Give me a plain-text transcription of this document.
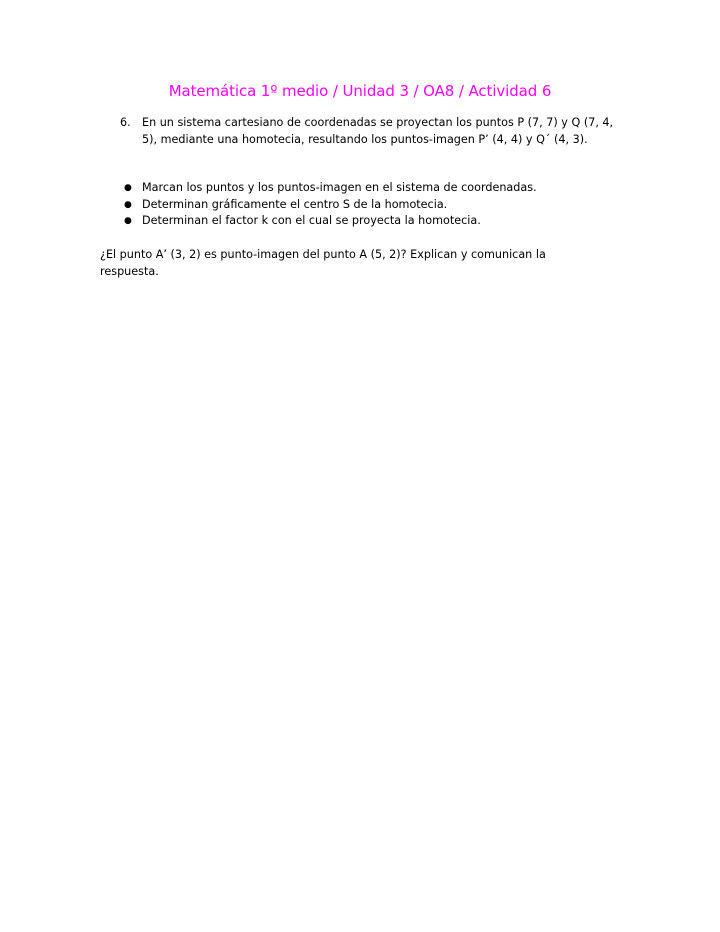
Matemática 1º medio / Unidad 3 / OA8 / Actividad 6
6.	En un sistema cartesiano de coordenadas se proyectan los puntos P (7, 7) y Q (7, 4, 5), mediante una homotecia, resultando los puntos-imagen P’ (4, 4) y Q´ (4, 3).
● Marcan los puntos y los puntos-imagen en el sistema de coordenadas.
● Determinan gráficamente el centro S de la homotecia.
● Determinan el factor k con el cual se proyecta la homotecia.
¿El punto A’ (3, 2) es punto-imagen del punto A (5, 2)? Explican y comunican la respuesta.
